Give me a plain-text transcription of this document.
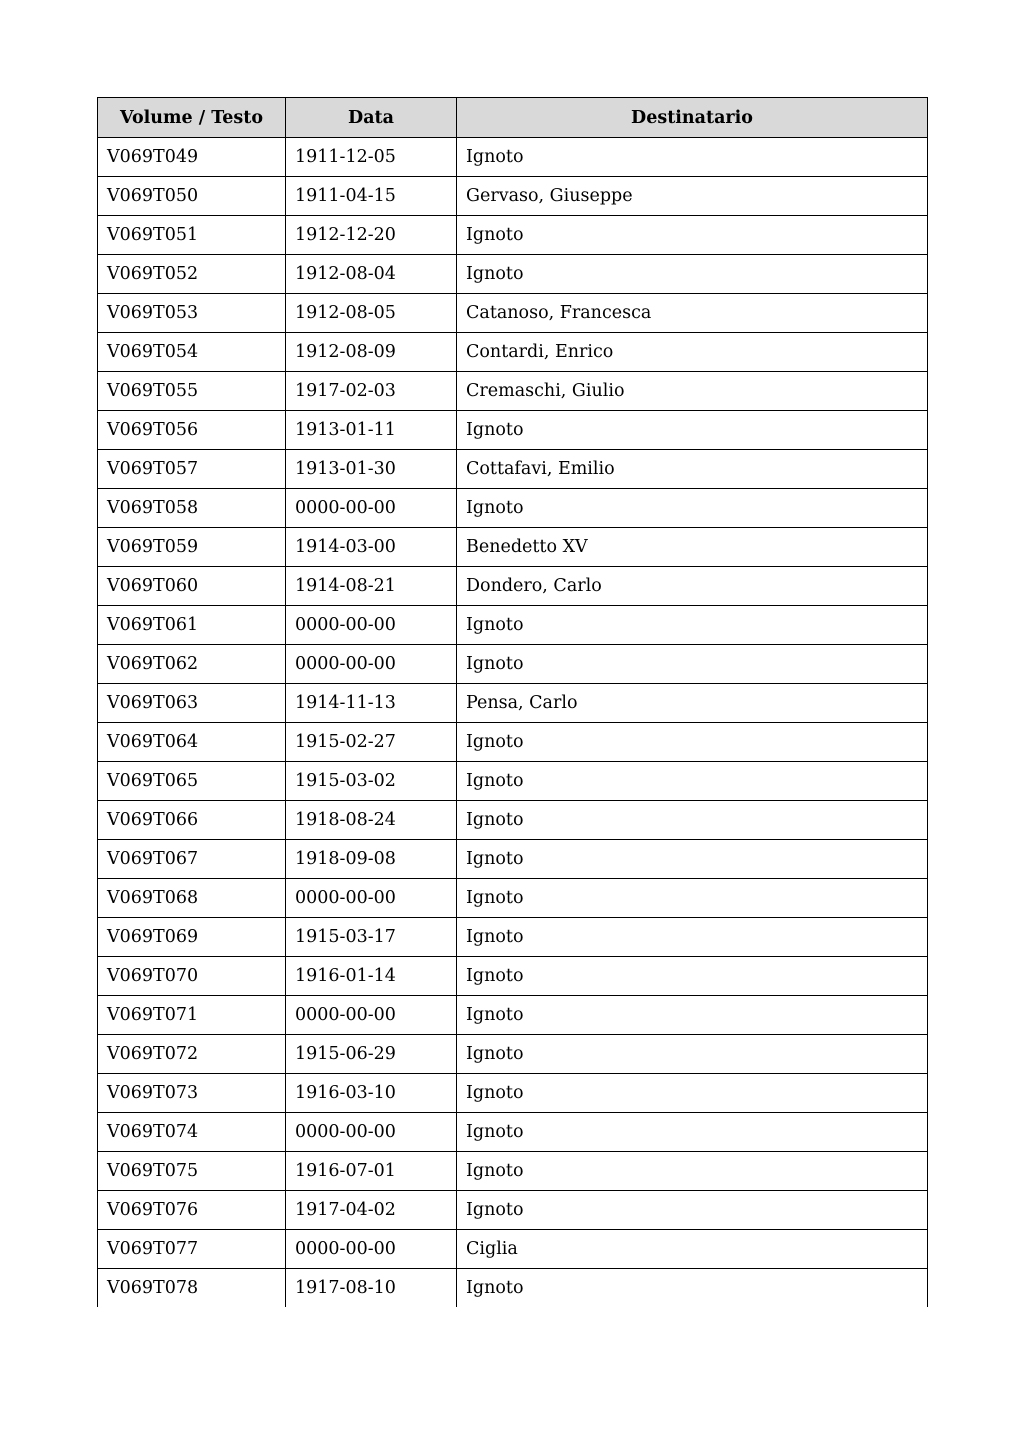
Volume / Testo	Data	Destinatario
V069T049	1911-12-05	Ignoto
V069T050	1911-04-15	Gervaso, Giuseppe
V069T051	1912-12-20	Ignoto
V069T052	1912-08-04	Ignoto
V069T053	1912-08-05	Catanoso, Francesca
V069T054	1912-08-09	Contardi, Enrico
V069T055	1917-02-03	Cremaschi, Giulio
V069T056	1913-01-11	Ignoto
V069T057	1913-01-30	Cottafavi, Emilio
V069T058	0000-00-00	Ignoto
V069T059	1914-03-00	Benedetto XV
V069T060	1914-08-21	Dondero, Carlo
V069T061	0000-00-00	Ignoto
V069T062	0000-00-00	Ignoto
V069T063	1914-11-13	Pensa, Carlo
V069T064	1915-02-27	Ignoto
V069T065	1915-03-02	Ignoto
V069T066	1918-08-24	Ignoto
V069T067	1918-09-08	Ignoto
V069T068	0000-00-00	Ignoto
V069T069	1915-03-17	Ignoto
V069T070	1916-01-14	Ignoto
V069T071	0000-00-00	Ignoto
V069T072	1915-06-29	Ignoto
V069T073	1916-03-10	Ignoto
V069T074	0000-00-00	Ignoto
V069T075	1916-07-01	Ignoto
V069T076	1917-04-02	Ignoto
V069T077	0000-00-00	Ciglia
V069T078	1917-08-10	Ignoto
